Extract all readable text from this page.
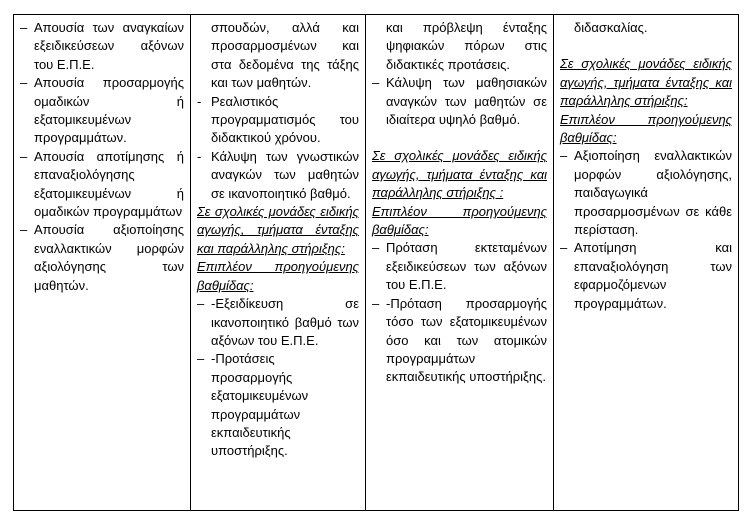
– Απουσία των αναγκαίων εξειδικεύσεων αξόνων του Ε.Π.Ε.
– Απουσία προσαρμογής ομαδικών ή εξατομικευμένων προγραμμάτων.
– Απουσία αποτίμησης ή επαναξιολόγησης εξατομικευμένων ή ομαδικών προγραμμάτων
– Απουσία αξιοποίησης εναλλακτικών μορφών αξιολόγησης των μαθητών.

σπουδών, αλλά και προσαρμοσμένων και στα δεδομένα της τάξης και των μαθητών.
- Ρεαλιστικός προγραμματισμός του διδακτικού χρόνου.
- Κάλυψη των γνωστικών αναγκών των μαθητών σε ικανοποιητικό βαθμό.
Σε σχολικές μονάδες ειδικής αγωγής, τμήματα ένταξης και παράλληλης στήριξης:
Επιπλέον προηγούμενης βαθμίδας:
– -Εξειδίκευση σε ικανοποιητικό βαθμό των αξόνων του Ε.Π.Ε.
– -Προτάσεις προσαρμογής εξατομικευμένων προγραμμάτων εκπαιδευτικής υποστήριξης.

και πρόβλεψη ένταξης ψηφιακών πόρων στις διδακτικές προτάσεις.
– Κάλυψη των μαθησιακών αναγκών των μαθητών σε ιδιαίτερα υψηλό βαθμό.
Σε σχολικές μονάδες ειδικής αγωγής, τμήματα ένταξης και παράλληλης στήριξης :
Επιπλέον προηγούμενης βαθμίδας:
– Πρόταση εκτεταμένων εξειδικεύσεων των αξόνων του Ε.Π.Ε.
– -Πρόταση προσαρμογής τόσο των εξατομικευμένων όσο και των ατομικών προγραμμάτων εκπαιδευτικής υποστήριξης.

διδασκαλίας.
Σε σχολικές μονάδες ειδικής αγωγής, τμήματα ένταξης και παράλληλης στήριξης:
Επιπλέον προηγούμενης βαθμίδας:
– Αξιοποίηση εναλλακτικών μορφών αξιολόγησης, παιδαγωγικά προσαρμοσμένων σε κάθε περίσταση.
– Αποτίμηση και επαναξιολόγηση των εφαρμοζόμενων προγραμμάτων.
